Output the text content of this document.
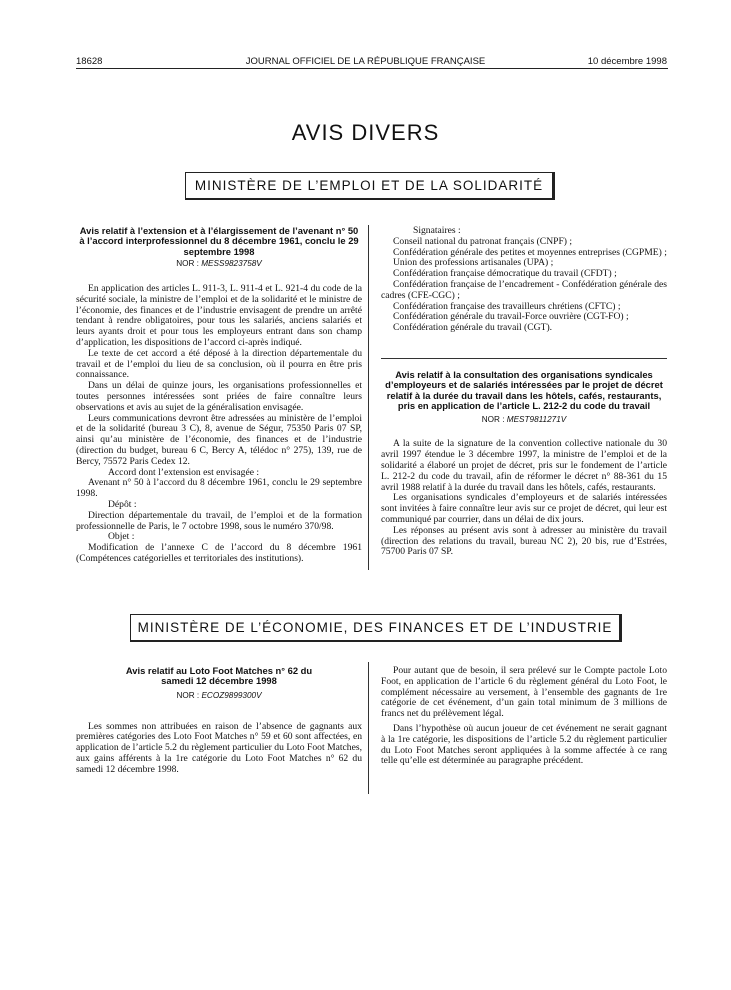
18628	JOURNAL OFFICIEL DE LA RÉPUBLIQUE FRANÇAISE	10 décembre 1998
AVIS DIVERS
MINISTÈRE DE L’EMPLOI ET DE LA SOLIDARITÉ
Avis relatif à l’extension et à l’élargissement de l’avenant n° 50 à l’accord interprofessionnel du 8 décembre 1961, conclu le 29 septembre 1998
NOR : MESS9823758V

En application des articles L. 911-3, L. 911-4 et L. 921-4 du code de la sécurité sociale, la ministre de l’emploi et de la solidarité et le ministre de l’économie, des finances et de l’industrie envisagent de prendre un arrêté tendant à rendre obligatoires, pour tous les salariés, anciens salariés et leurs ayants droit et pour tous les employeurs entrant dans son champ d’application, les dispositions de l’accord ci-après indiqué.

Le texte de cet accord a été déposé à la direction départementale du travail et de l’emploi du lieu de sa conclusion, où il pourra en être pris connaissance.

Dans un délai de quinze jours, les organisations professionnelles et toutes personnes intéressées sont priées de faire connaître leurs observations et avis au sujet de la généralisation envisagée.

Leurs communications devront être adressées au ministère de l’emploi et de la solidarité (bureau 3 C), 8, avenue de Ségur, 75350 Paris 07 SP, ainsi qu’au ministère de l’économie, des finances et de l’industrie (direction du budget, bureau 6 C, Bercy A, télédoc n° 275), 139, rue de Bercy, 75572 Paris Cedex 12.

Accord dont l’extension est envisagée :

Avenant n° 50 à l’accord du 8 décembre 1961, conclu le 29 septembre 1998.

Dépôt :

Direction départementale du travail, de l’emploi et de la formation professionnelle de Paris, le 7 octobre 1998, sous le numéro 370/98.

Objet :

Modification de l’annexe C de l’accord du 8 décembre 1961 (Compétences catégorielles et territoriales des institutions).

Signataires :

Conseil national du patronat français (CNPF) ;

Confédération générale des petites et moyennes entreprises (CGPME) ;

Union des professions artisanales (UPA) ;

Confédération française démocratique du travail (CFDT) ;

Confédération française de l’encadrement - Confédération générale des cadres (CFE-CGC) ;

Confédération française des travailleurs chrétiens (CFTC) ;

Confédération générale du travail-Force ouvrière (CGT-FO) ;

Confédération générale du travail (CGT).

Avis relatif à la consultation des organisations syndicales d’employeurs et de salariés intéressées par le projet de décret relatif à la durée du travail dans les hôtels, cafés, restaurants, pris en application de l’article L. 212-2 du code du travail
NOR : MEST9811271V

A la suite de la signature de la convention collective nationale du 30 avril 1997 étendue le 3 décembre 1997, la ministre de l’emploi et de la solidarité a élaboré un projet de décret, pris sur le fondement de l’article L. 212-2 du code du travail, afin de réformer le décret n° 88-361 du 15 avril 1988 relatif à la durée du travail dans les hôtels, cafés, restaurants.

Les organisations syndicales d’employeurs et de salariés intéressées sont invitées à faire connaître leur avis sur ce projet de décret, qui leur est communiqué par courrier, dans un délai de dix jours.

Les réponses au présent avis sont à adresser au ministère du travail (direction des relations du travail, bureau NC 2), 20 bis, rue d’Estrées, 75700 Paris 07 SP.

MINISTÈRE DE L’ÉCONOMIE, DES FINANCES ET DE L’INDUSTRIE
Avis relatif au Loto Foot Matches n° 62 du samedi 12 décembre 1998
NOR : ECOZ9899300V

Les sommes non attribuées en raison de l’absence de gagnants aux premières catégories des Loto Foot Matches n° 59 et 60 sont affectées, en application de l’article 5.2 du règlement particulier du Loto Foot Matches, aux gains afférents à la 1re catégorie du Loto Foot Matches n° 62 du samedi 12 décembre 1998.

Pour autant que de besoin, il sera prélevé sur le Compte pactole Loto Foot, en application de l’article 6 du règlement général du Loto Foot, le complément nécessaire au versement, à l’ensemble des gagnants de 1re catégorie de cet événement, d’un gain total minimum de 3 millions de francs net du prélèvement légal.

Dans l’hypothèse où aucun joueur de cet événement ne serait gagnant à la 1re catégorie, les dispositions de l’article 5.2 du règlement particulier du Loto Foot Matches seront appliquées à la somme affectée à ce rang telle qu’elle est déterminée au paragraphe précédent.
